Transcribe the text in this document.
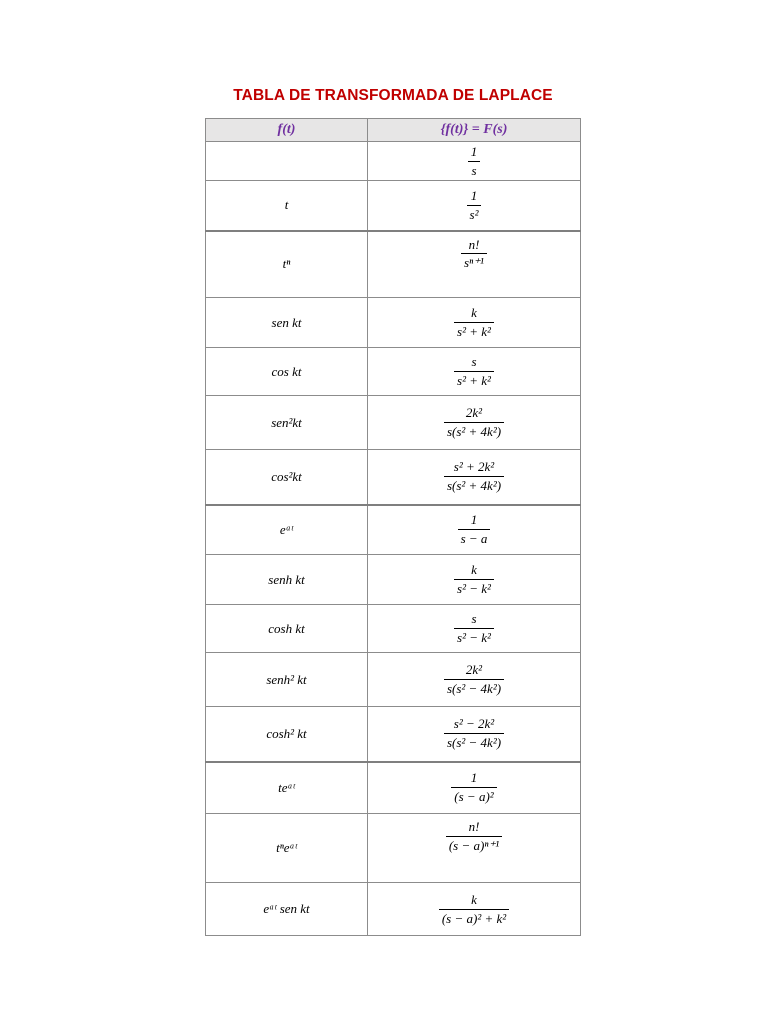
TABLA DE TRANSFORMADA DE LAPLACE
f(t)	{f(t)} = F(s)

	$\frac{1}{s}$

t	$\frac{1}{\text{s²}}$

tⁿ	$\frac{n!}{\text{sⁿ⁺¹}}$

sen kt	$\frac{k}{\text{s² + k²}}$

cos kt	$\frac{s}{\text{s² + k²}}$

sen²kt	$\frac{\text{2k²}}{\text{s(s² + 4k²)}}$

cos²kt	$\frac{\text{s² + 2k²}}{\text{s(s² + 4k²)}}$

eᵃᵗ	$\frac{1}{s - a}$

senh kt	$\frac{k}{\text{s² − k²}}$

cosh kt	$\frac{s}{\text{s² − k²}}$

senh² kt	$\frac{\text{2k²}}{\text{s(s² − 4k²)}}$

cosh² kt	$\frac{\text{s² − 2k²}}{\text{s(s² − 4k²)}}$

teᵃᵗ	$\frac{1}{\text{(s − a)²}}$

tⁿeᵃᵗ	$\frac{n!}{\text{(s − a)ⁿ⁺¹}}$

eᵃᵗ sen kt	$\frac{k}{\text{(s − a)² + k²}}$
